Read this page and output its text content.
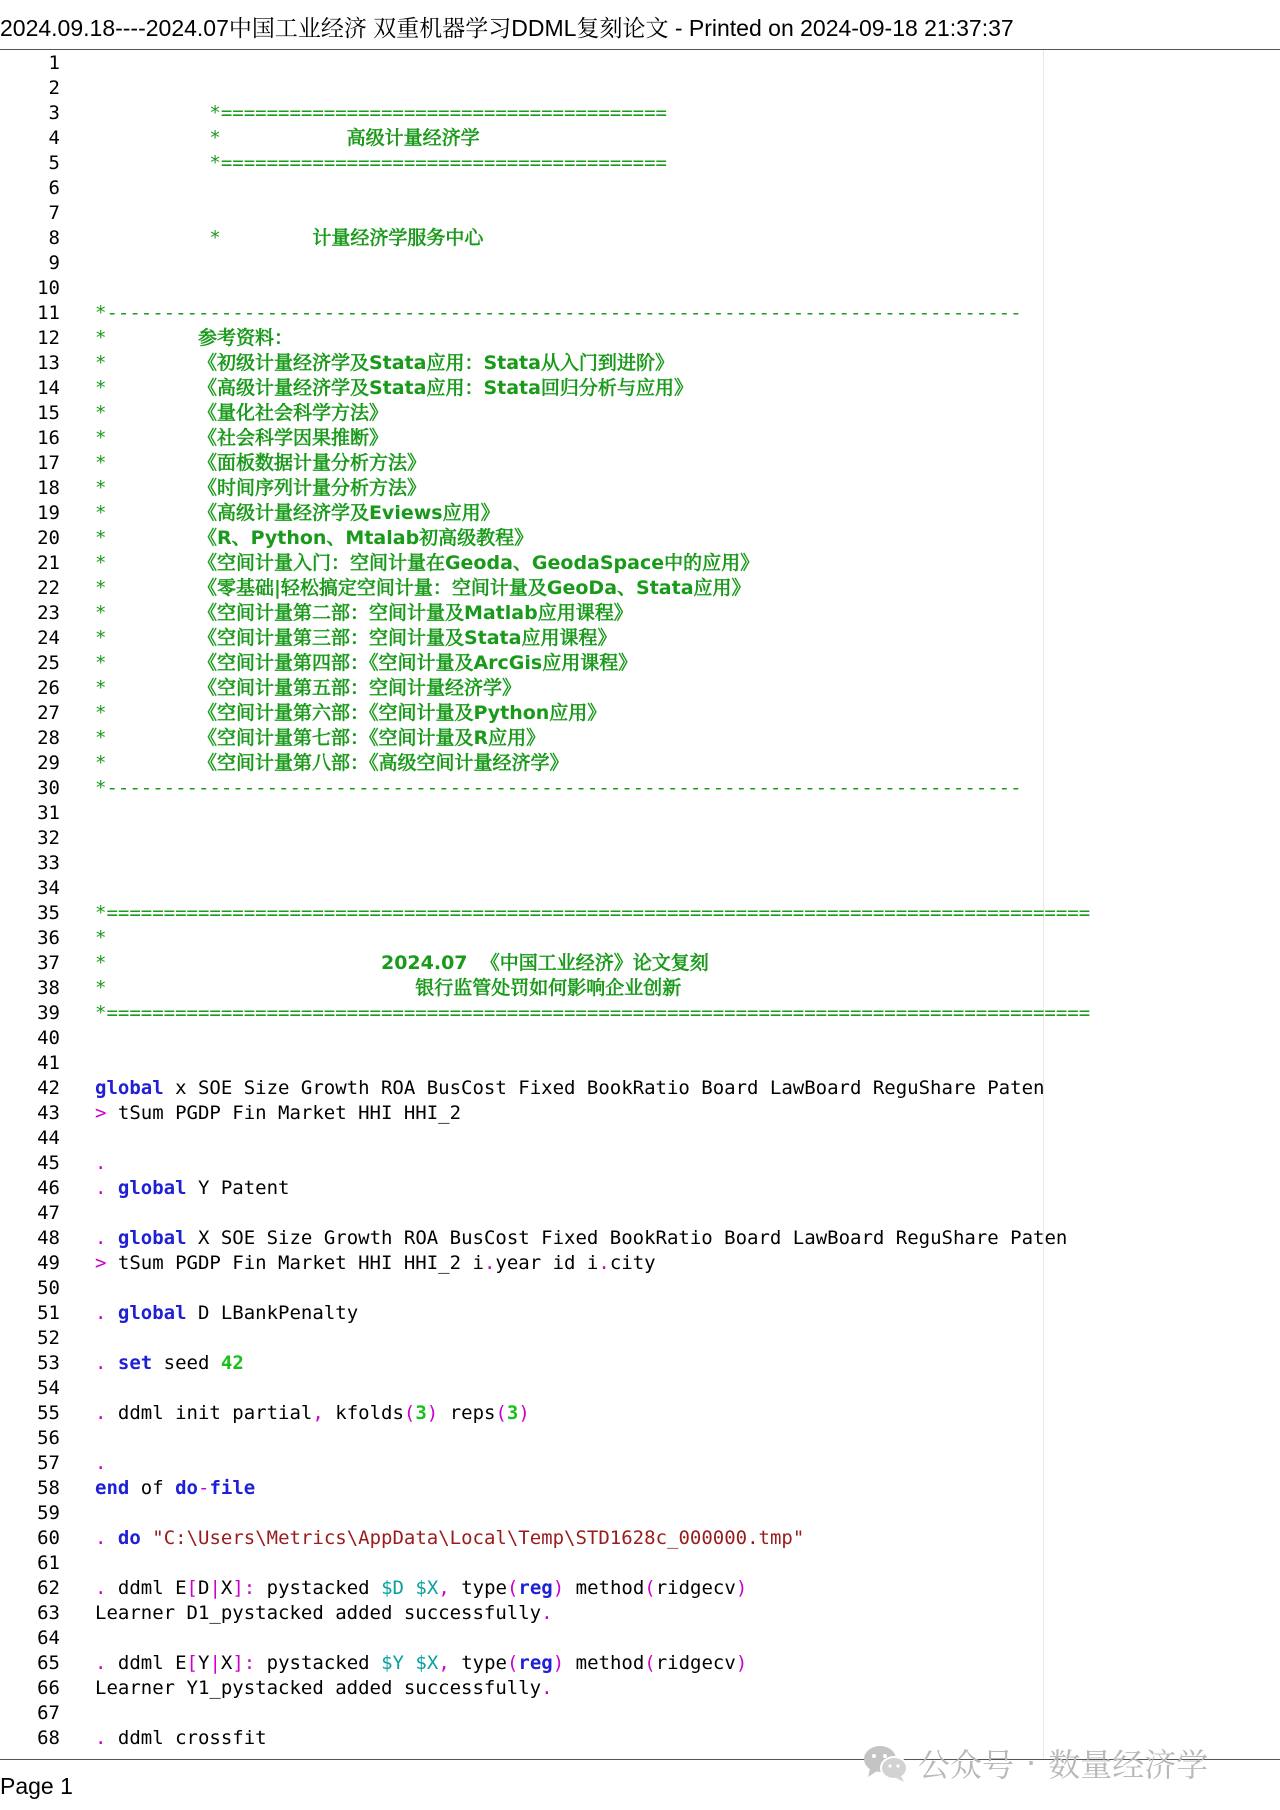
2024.09.18----2024.07中国工业经济 双重机器学习DDML复刻论文 - Printed on 2024-09-18 21:37:37
1
2
3 *=======================================
4 *           高级计量经济学
5 *=======================================
6
7
8 *        计量经济学服务中心
9
10
11 *--------------------------------------------------------------------------------
12 *        参考资料：
13 *        《初级计量经济学及Stata应用：Stata从入门到进阶》
14 *        《高级计量经济学及Stata应用：Stata回归分析与应用》
15 *        《量化社会科学方法》
16 *        《社会科学因果推断》
17 *        《面板数据计量分析方法》
18 *        《时间序列计量分析方法》
19 *        《高级计量经济学及Eviews应用》
20 *        《R、Python、Mtalab初高级教程》
21 *        《空间计量入门：空间计量在Geoda、GeodaSpace中的应用》
22 *        《零基础|轻松搞定空间计量：空间计量及GeoDa、Stata应用》
23 *        《空间计量第二部：空间计量及Matlab应用课程》
24 *        《空间计量第三部：空间计量及Stata应用课程》
25 *        《空间计量第四部：《空间计量及ArcGis应用课程》
26 *        《空间计量第五部：空间计量经济学》
27 *        《空间计量第六部：《空间计量及Python应用》
28 *        《空间计量第七部：《空间计量及R应用》
29 *        《空间计量第八部：《高级空间计量经济学》
30 *--------------------------------------------------------------------------------
31
32
33
34
35 *======================================================================================
36 *
37 *                        2024.07  《中国工业经济》论文复刻
38 *                           银行监管处罚如何影响企业创新
39 *======================================================================================
40
41
42 global x SOE Size Growth ROA BusCost Fixed BookRatio Board LawBoard ReguShare Paten
43 > tSum PGDP Fin Market HHI HHI_2
44
45 .
46 . global Y Patent
47
48 . global X SOE Size Growth ROA BusCost Fixed BookRatio Board LawBoard ReguShare Paten
49 > tSum PGDP Fin Market HHI HHI_2 i.year id i.city
50
51 . global D LBankPenalty
52
53 . set seed 42
54
55 . ddml init partial, kfolds(3) reps(3)
56
57 .
58 end of do-file
59
60 . do "C:\Users\Metrics\AppData\Local\Temp\STD1628c_000000.tmp"
61
62 . ddml E[D|X]: pystacked $D $X, type(reg) method(ridgecv)
63 Learner D1_pystacked added successfully.
64
65 . ddml E[Y|X]: pystacked $Y $X, type(reg) method(ridgecv)
66 Learner Y1_pystacked added successfully.
67
68 . ddml crossfit
Page 1
公众号 · 数量经济学
